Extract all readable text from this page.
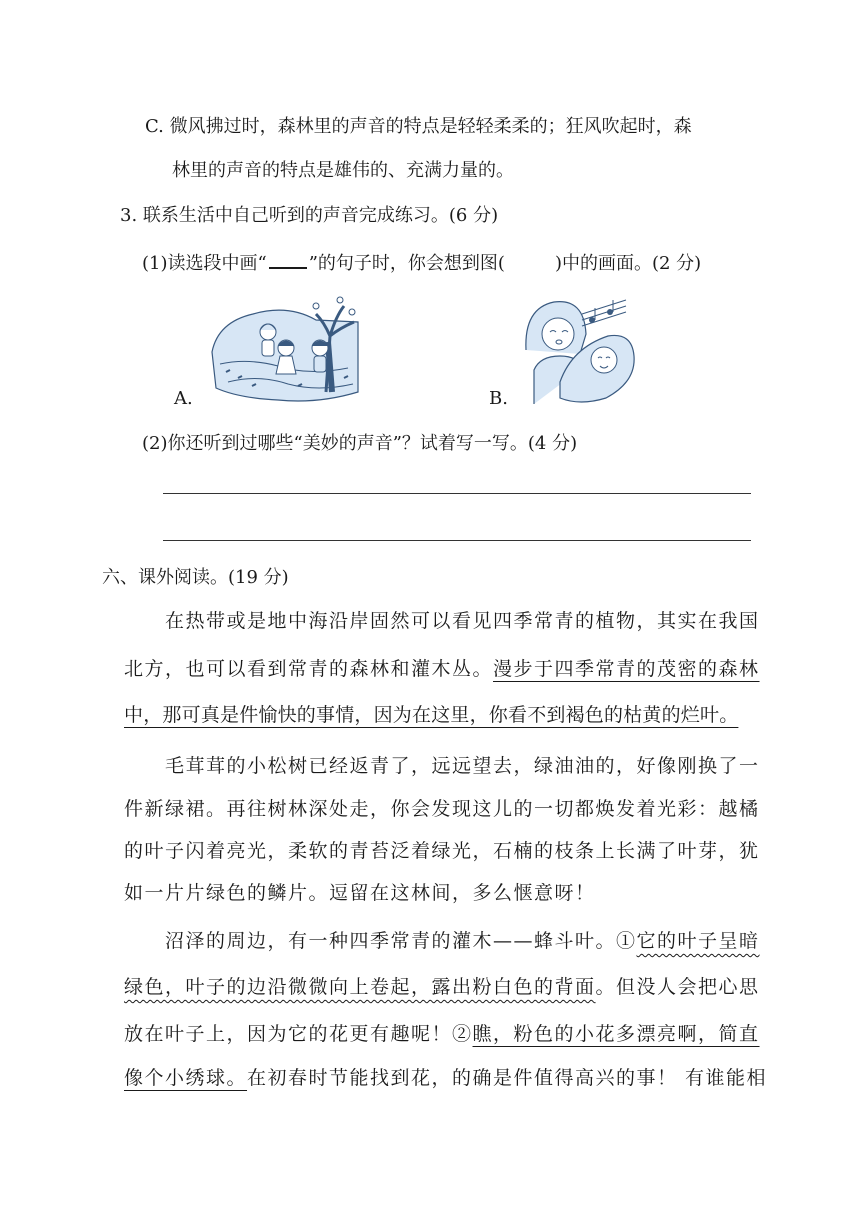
C. 微风拂过时，森林里的声音的特点是轻轻柔柔的；狂风吹起时，森
林里的声音的特点是雄伟的、充满力量的。
3. 联系生活中自己听到的声音完成练习。(6 分)
(1)读选段中画“ ”的句子时，你会想到图(	)中的画面。(2 分)
A.	B.
(2)你还听到过哪些“美妙的声音”？试着写一写。(4 分)
六、课外阅读。(19 分)
在热带或是地中海沿岸固然可以看见四季常青的植物，其实在我国
北方，也可以看到常青的森林和灌木丛。漫步于四季常青的茂密的森林
中，那可真是件愉快的事情，因为在这里，你看不到褐色的枯黄的烂叶。
毛茸茸的小松树已经返青了，远远望去，绿油油的，好像刚换了一
件新绿裙。再往树林深处走，你会发现这儿的一切都焕发着光彩：越橘
的叶子闪着亮光，柔软的青苔泛着绿光，石楠的枝条上长满了叶芽，犹
如一片片绿色的鳞片。逗留在这林间，多么惬意呀！
沼泽的周边，有一种四季常青的灌木——蜂斗叶。①它的叶子呈暗
绿色，叶子的边沿微微向上卷起，露出粉白色的背面。但没人会把心思
放在叶子上，因为它的花更有趣呢！②瞧，粉色的小花多漂亮啊，简直
像个小绣球。在初春时节能找到花，的确是件值得高兴的事！ 有谁能相
